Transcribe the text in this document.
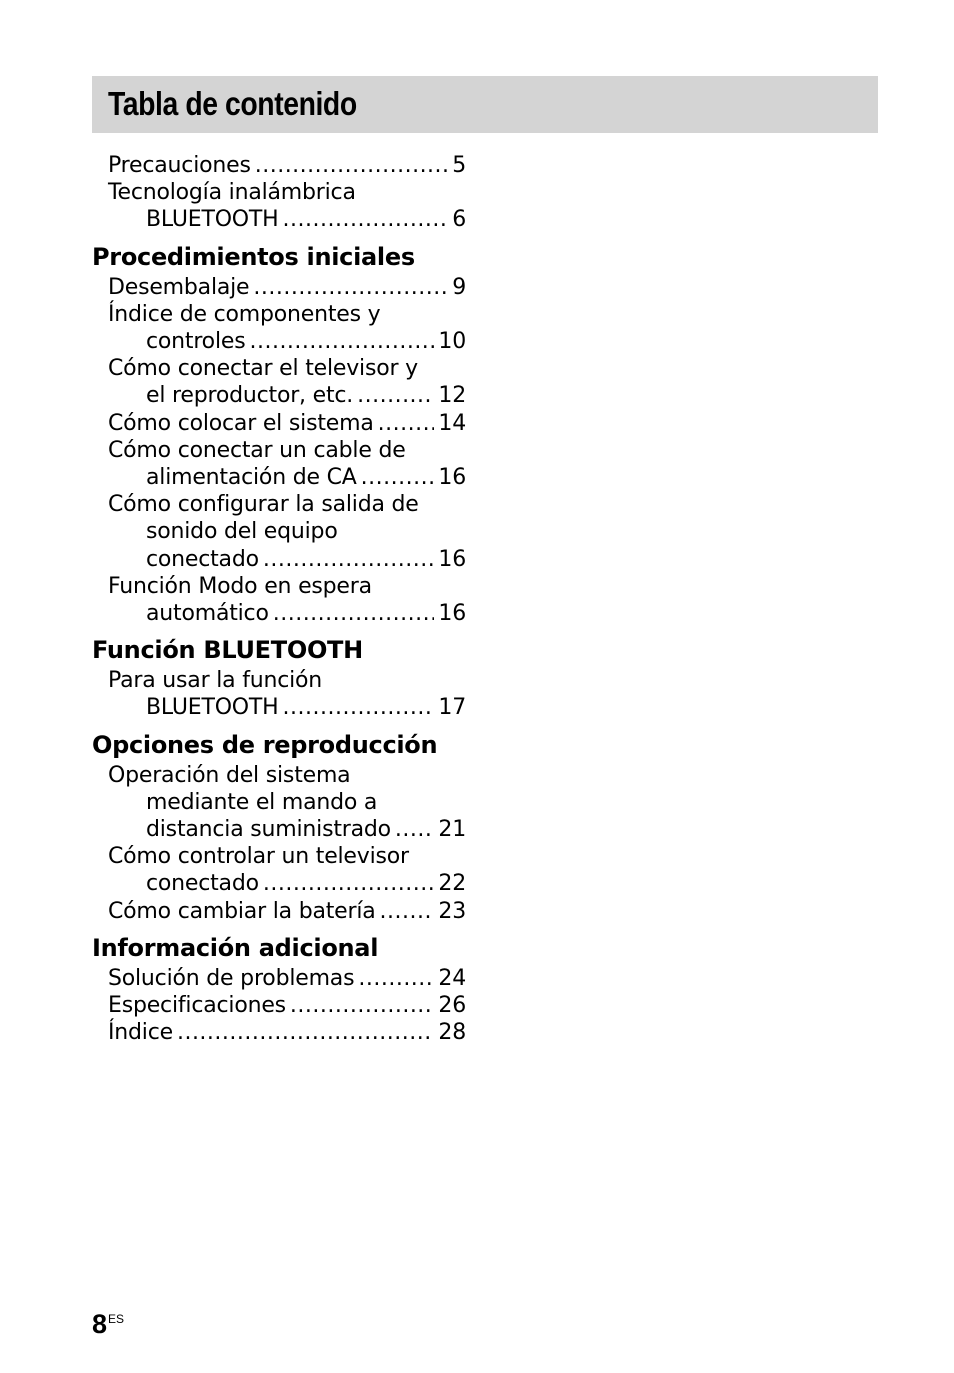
Tabla de contenido
Precauciones .....	5
Tecnología inalámbrica
BLUETOOTH .....	6
Procedimientos iniciales
Desembalaje .....	9
Índice de componentes y
controles .....	10
Cómo conectar el televisor y
el reproductor, etc. .....	12
Cómo colocar el sistema .....	14
Cómo conectar un cable de
alimentación de CA .....	16
Cómo configurar la salida de
sonido del equipo
conectado .....	16
Función Modo en espera
automático .....	16
Función BLUETOOTH
Para usar la función
BLUETOOTH .....	17
Opciones de reproducción
Operación del sistema
mediante el mando a
distancia suministrado ..... 21
Cómo controlar un televisor
conectado .....	22
Cómo cambiar la batería .....	23
Información adicional
Solución de problemas .....	24
Especificaciones .....	26
Índice .....	28
$8^{ES}$
